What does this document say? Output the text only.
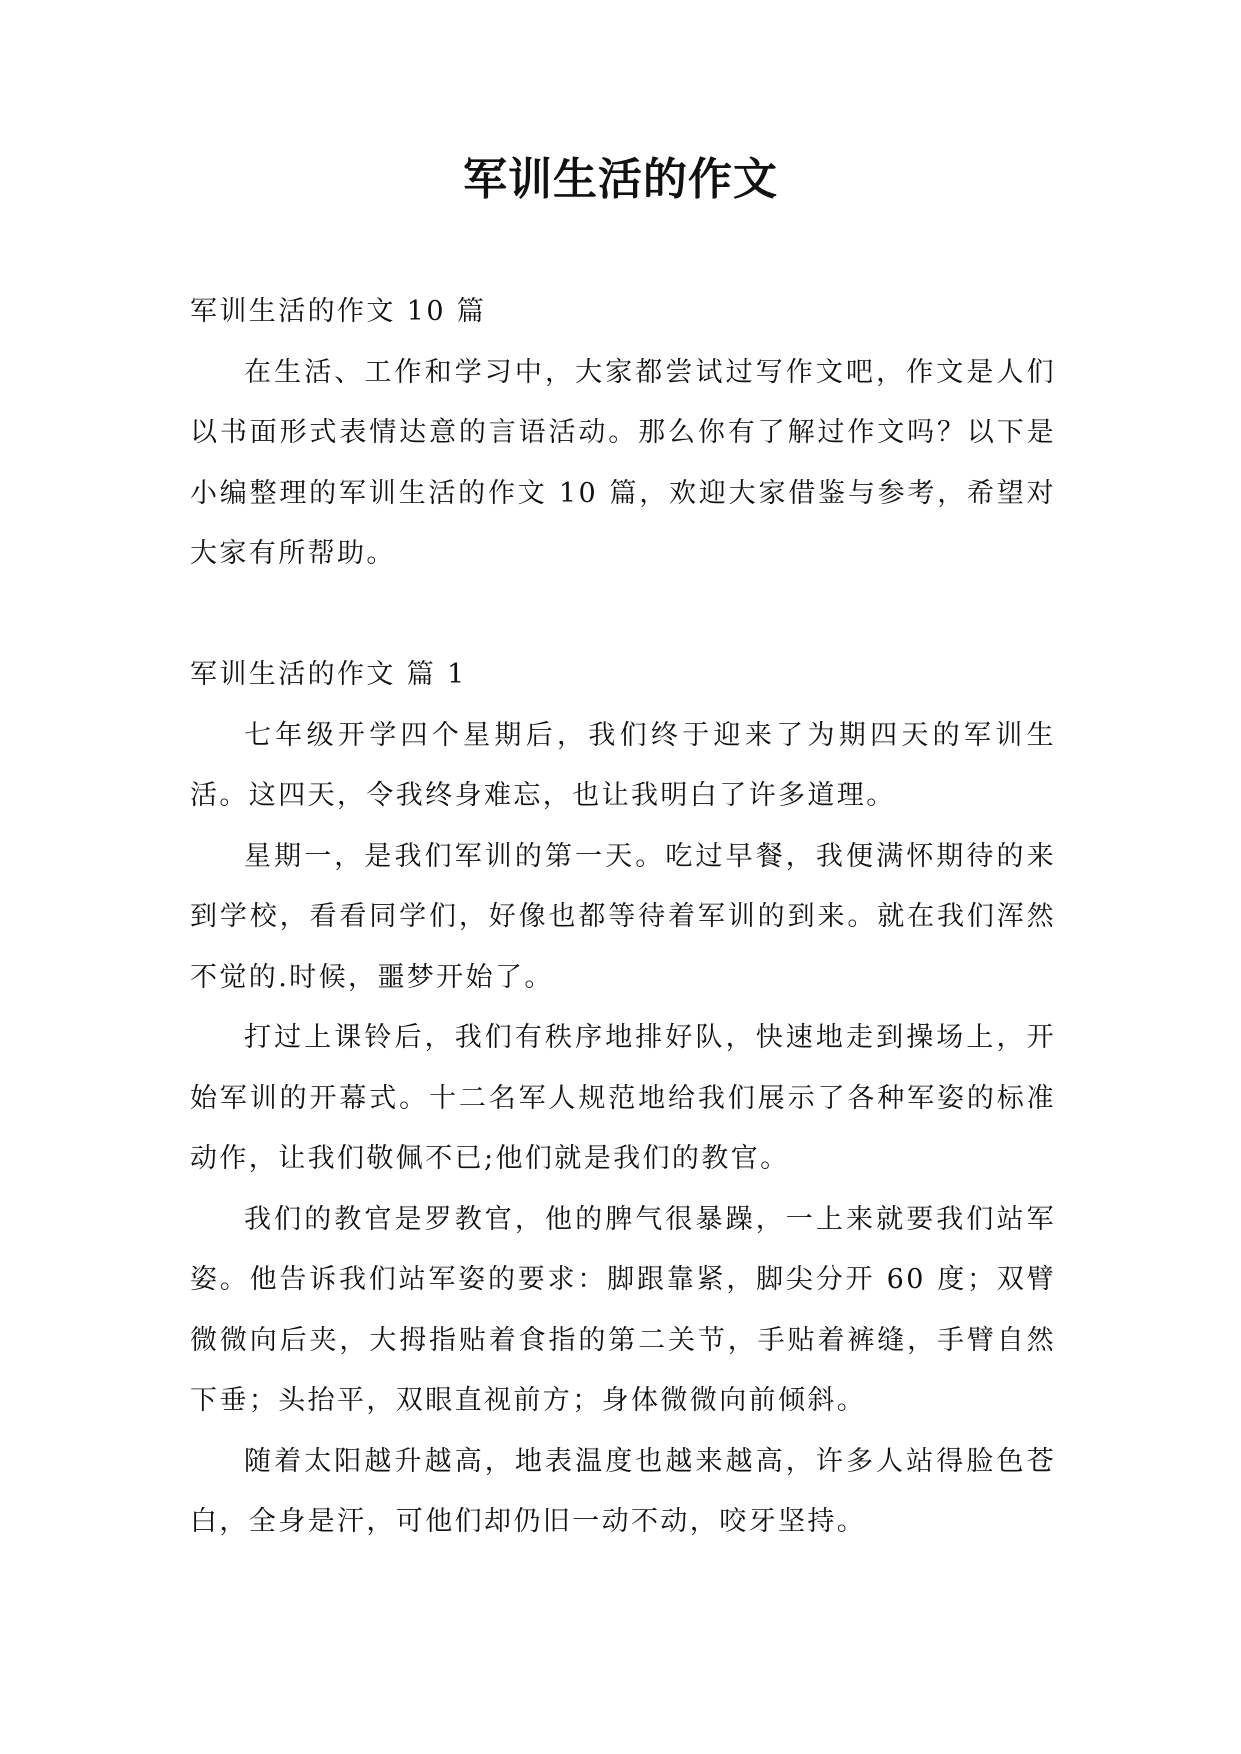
军训生活的作文

军训生活的作文 10 篇

在生活、工作和学习中，大家都尝试过写作文吧，作文是人们以书面形式表情达意的言语活动。那么你有了解过作文吗？以下是小编整理的军训生活的作文 10 篇，欢迎大家借鉴与参考，希望对大家有所帮助。

军训生活的作文 篇 1

七年级开学四个星期后，我们终于迎来了为期四天的军训生活。这四天，令我终身难忘，也让我明白了许多道理。

星期一，是我们军训的第一天。吃过早餐，我便满怀期待的来到学校，看看同学们，好像也都等待着军训的到来。就在我们浑然不觉的.时候，噩梦开始了。

打过上课铃后，我们有秩序地排好队，快速地走到操场上，开始军训的开幕式。十二名军人规范地给我们展示了各种军姿的标准动作，让我们敬佩不已;他们就是我们的教官。

我们的教官是罗教官，他的脾气很暴躁，一上来就要我们站军姿。他告诉我们站军姿的要求：脚跟靠紧，脚尖分开 60 度；双臂微微向后夹，大拇指贴着食指的第二关节，手贴着裤缝，手臂自然下垂；头抬平，双眼直视前方；身体微微向前倾斜。

随着太阳越升越高，地表温度也越来越高，许多人站得脸色苍白，全身是汗，可他们却仍旧一动不动，咬牙坚持。
